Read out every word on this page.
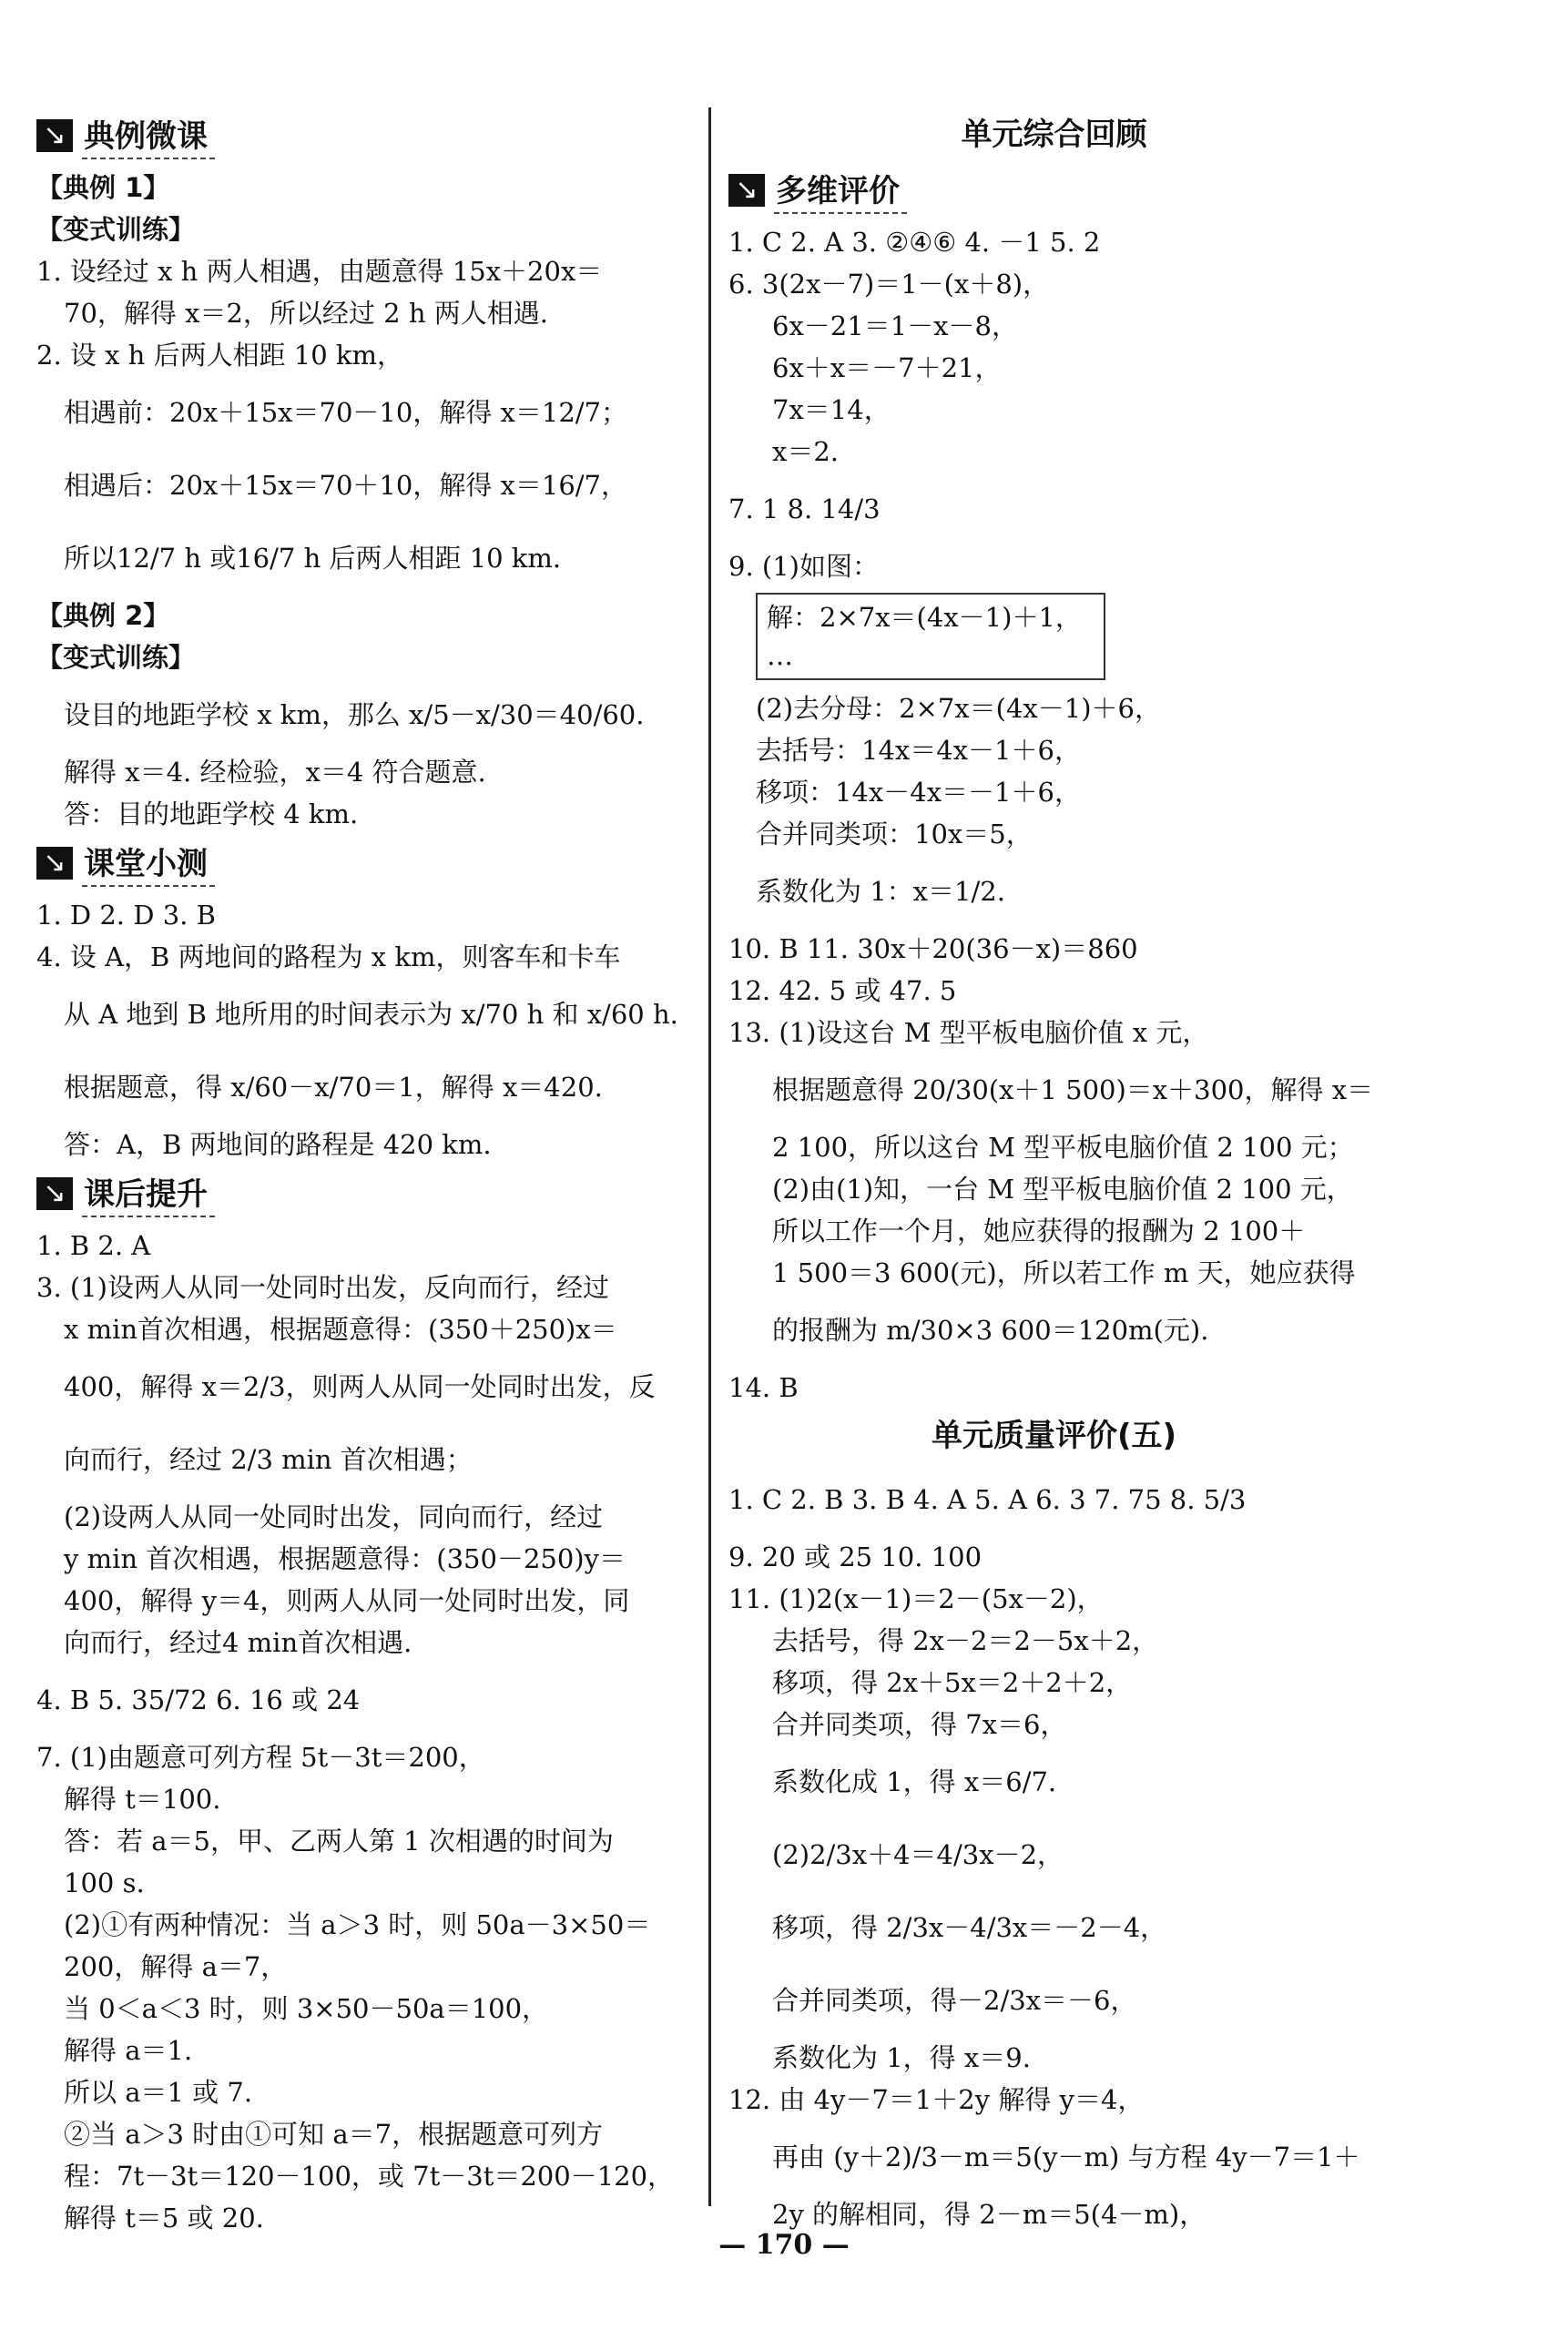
↘ 典例微课
【典例 1】
【变式训练】
1. 设经过 x h 两人相遇，由题意得 15x＋20x＝
70，解得 x＝2，所以经过 2 h 两人相遇.
2. 设 x h 后两人相距 10 km，
相遇前：20x＋15x＝70－10，解得 x＝12/7；
相遇后：20x＋15x＝70＋10，解得 x＝16/7，
所以12/7 h 或16/7 h 后两人相距 10 km.
【典例 2】
【变式训练】
设目的地距学校 x km，那么 x/5－x/30＝40/60.
解得 x＝4. 经检验，x＝4 符合题意.
答：目的地距学校 4 km.
↘ 课堂小测
1. D 2. D 3. B
4. 设 A，B 两地间的路程为 x km，则客车和卡车
从 A 地到 B 地所用的时间表示为 x/70 h 和 x/60 h.
根据题意，得 x/60－x/70＝1，解得 x＝420.
答：A，B 两地间的路程是 420 km.
↘ 课后提升
1. B 2. A
3. (1)设两人从同一处同时出发，反向而行，经过
x min首次相遇，根据题意得：(350＋250)x＝
400，解得 x＝2/3，则两人从同一处同时出发，反
向而行，经过 2/3 min 首次相遇；
(2)设两人从同一处同时出发，同向而行，经过
y min 首次相遇，根据题意得：(350－250)y＝
400，解得 y＝4，则两人从同一处同时出发，同
向而行，经过4 min首次相遇.
4. B 5. 35/72 6. 16 或 24
7. (1)由题意可列方程 5t－3t＝200，
解得 t＝100.
答：若 a＝5，甲、乙两人第 1 次相遇的时间为
100 s.
(2)①有两种情况：当 a＞3 时，则 50a－3×50＝
200，解得 a＝7，
当 0＜a＜3 时，则 3×50－50a＝100，
解得 a＝1.
所以 a＝1 或 7.
②当 a＞3 时由①可知 a＝7，根据题意可列方
程：7t－3t＝120－100，或 7t－3t＝200－120，
解得 t＝5 或 20.
单元综合回顾
↘ 多维评价
1. C 2. A 3. ②④⑥ 4. －1 5. 2
6. 3(2x－7)＝1－(x＋8)，
6x－21＝1－x－8，
6x＋x＝－7＋21，
7x＝14，
x＝2.
7. 1 8. 14/3
9. (1)如图：
解：2×7x＝(4x－1)＋1，
…
(2)去分母：2×7x＝(4x－1)＋6，
去括号：14x＝4x－1＋6，
移项：14x－4x＝－1＋6，
合并同类项：10x＝5，
系数化为 1：x＝1/2.
10. B 11. 30x＋20(36－x)＝860
12. 42. 5 或 47. 5
13. (1)设这台 M 型平板电脑价值 x 元，
根据题意得 20/30(x＋1 500)＝x＋300，解得 x＝
2 100，所以这台 M 型平板电脑价值 2 100 元；
(2)由(1)知，一台 M 型平板电脑价值 2 100 元，
所以工作一个月，她应获得的报酬为 2 100＋
1 500＝3 600(元)，所以若工作 m 天，她应获得
的报酬为 m/30×3 600＝120m(元).
14. B
单元质量评价(五)
1. C 2. B 3. B 4. A 5. A 6. 3 7. 75 8. 5/3
9. 20 或 25 10. 100
11. (1)2(x－1)＝2－(5x－2)，
去括号，得 2x－2＝2－5x＋2，
移项，得 2x＋5x＝2＋2＋2，
合并同类项，得 7x＝6，
系数化成 1，得 x＝6/7.
(2)2/3x＋4＝4/3x－2，
移项，得 2/3x－4/3x＝－2－4，
合并同类项，得－2/3x＝－6，
系数化为 1，得 x＝9.
12. 由 4y－7＝1＋2y 解得 y＝4，
再由 (y＋2)/3－m＝5(y－m) 与方程 4y－7＝1＋
2y 的解相同，得 2－m＝5(4－m)，
— 170 —
